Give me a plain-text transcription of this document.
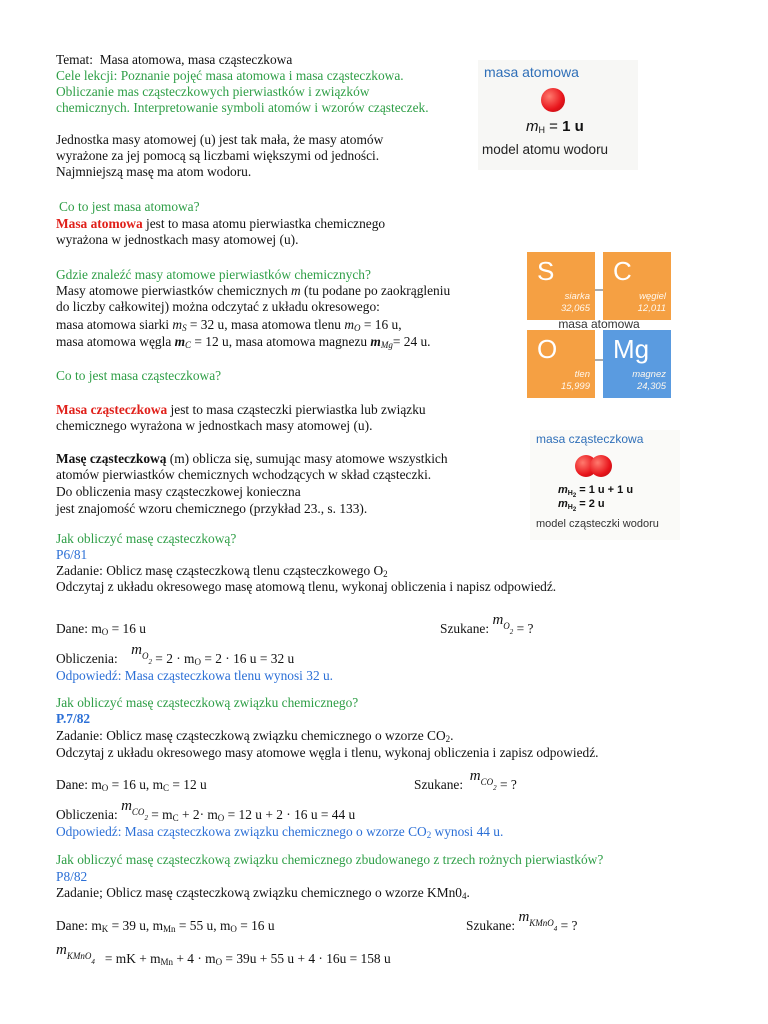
Temat: Masa atomowa, masa cząsteczkowa
Cele lekcji: Poznanie pojęć masa atomowa i masa cząsteczkowa.
Obliczanie mas cząsteczkowych pierwiastków i związków
chemicznych. Interpretowanie symboli atomów i wzorów cząsteczek.
Jednostka masy atomowej (u) jest tak mała, że masy atomów
wyrażone za jej pomocą są liczbami większymi od jedności.
Najmniejszą masę ma atom wodoru.
Co to jest masa atomowa?
Masa atomowa jest to masa atomu pierwiastka chemicznego
wyrażona w jednostkach masy atomowej (u).
Gdzie znaleźć masy atomowe pierwiastków chemicznych?
Masy atomowe pierwiastków chemicznych m (tu podane po zaokrągleniu
do liczby całkowitej) można odczytać z układu okresowego:
masa atomowa siarki $m_S = 32$ u, masa atomowa tlenu $m_O = 16$ u,
masa atomowa węgla $m_C = 12$ u, masa atomowa magnezu $m_{Mg}= 24$ u.
Co to jest masa cząsteczkowa?
Masa cząsteczkowa jest to masa cząsteczki pierwiastka lub związku
chemicznego wyrażona w jednostkach masy atomowej (u).
Masę cząsteczkową (m) oblicza się, sumując masy atomowe wszystkich
atomów pierwiastków chemicznych wchodzących w skład cząsteczki.
Do obliczenia masy cząsteczkowej konieczna
jest znajomość wzoru chemicznego (przykład 23., s. 133).
Jak obliczyć masę cząsteczkową?
P6/81
Zadanie: Oblicz masę cząsteczkową tlenu cząsteczkowego $O_2$
Odczytaj z układu okresowego masę atomową tlenu, wykonaj obliczenia i napisz odpowiedź.
Dane: $m_O = 16$ u	Szukane: $m_{O_2}$ = ?
Obliczenia:    $m_{O_2} = 2 \cdot m_O = 2 \cdot 16$ u = 32 u
Odpowiedź: Masa cząsteczkowa tlenu wynosi 32 u.
Jak obliczyć masę cząsteczkową związku chemicznego?
P.7/82
Zadanie: Oblicz masę cząsteczkową związku chemicznego o wzorze $CO_2$.
Odczytaj z układu okresowego masy atomowe węgla i tlenu, wykonaj obliczenia i zapisz odpowiedź.
Dane: $m_O = 16$ u, $m_C = 12$ u	Szukane:  $m_{CO_2}$ = ?
Obliczenia: $m_{CO_2} = m_C + 2\cdot m_O = 12$ u + 2 · 16 u = 44 u
Odpowiedź: Masa cząsteczkowa związku chemicznego o wzorze $CO_2$ wynosi 44 u.
Jak obliczyć masę cząsteczkową związku chemicznego zbudowanego z trzech rożnych pierwiastków?
P8/82
Zadanie; Oblicz masę cząsteczkową związku chemicznego o wzorze $KMn0_4$.
Dane: $m_K = 39$ u, $m_{Mn} = 55$ u, $m_O = 16$ u	Szukane: $m_{KMnO_4}$ = ?
$m_{KMnO_4}$   = mK + $m_{Mn} + 4 \cdot m_O = 39u + 55$ u + 4 · 16u = 158 u
masa atomowa
$m_H = 1$ u
model atomu wodoru
S
siarka
32,065
C
węgiel
12,011
O
tlen
15,999
Mg
magnez
24,305
masa atomowa
masa cząsteczkowa
$m_{H_2} = 1$ u + 1 u
$m_{H_2} = 2$ u
model cząsteczki wodoru
